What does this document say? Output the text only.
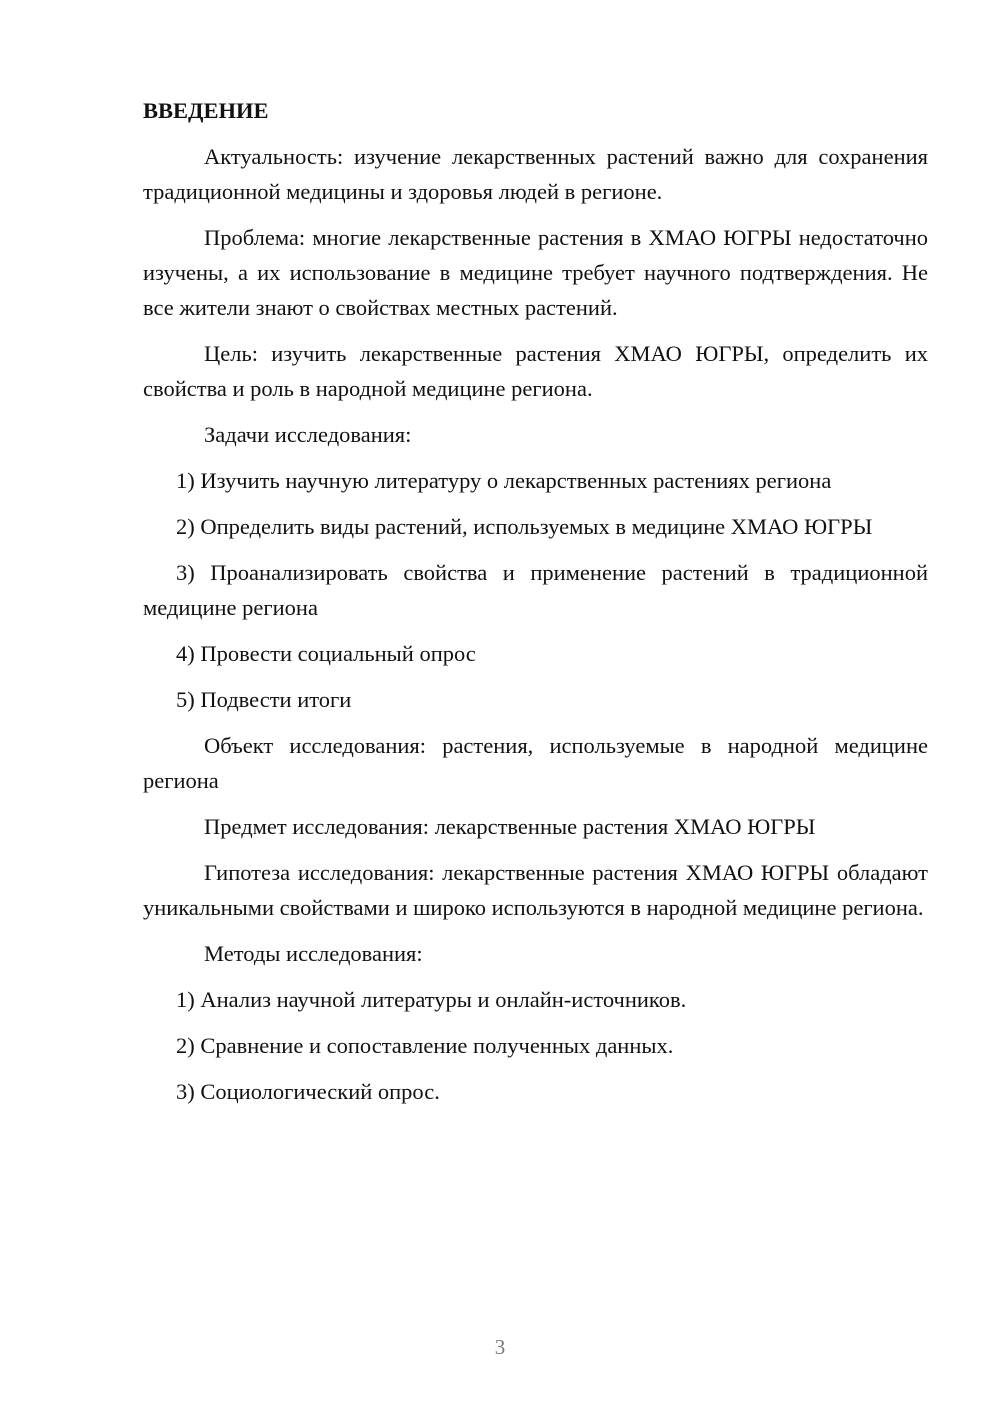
ВВЕДЕНИЕ

Актуальность: изучение лекарственных растений важно для сохранения традиционной медицины и здоровья людей в регионе.

Проблема: многие лекарственные растения в ХМАО ЮГРЫ недостаточно изучены, а их использование в медицине требует научного подтверждения. Не все жители знают о свойствах местных растений.

Цель: изучить лекарственные растения ХМАО ЮГРЫ, определить их свойства и роль в народной медицине региона.

Задачи исследования:

1) Изучить научную литературу о лекарственных растениях региона

2) Определить виды растений, используемых в медицине ХМАО ЮГРЫ

3) Проанализировать свойства и применение растений в традиционной медицине региона

4) Провести социальный опрос

5) Подвести итоги

Объект исследования: растения, используемые в народной медицине региона

Предмет исследования: лекарственные растения ХМАО ЮГРЫ

Гипотеза исследования: лекарственные растения ХМАО ЮГРЫ обладают уникальными свойствами и широко используются в народной медицине региона.

Методы исследования:

1) Анализ научной литературы и онлайн-источников.

2) Сравнение и сопоставление полученных данных.

3) Социологический опрос.

3
